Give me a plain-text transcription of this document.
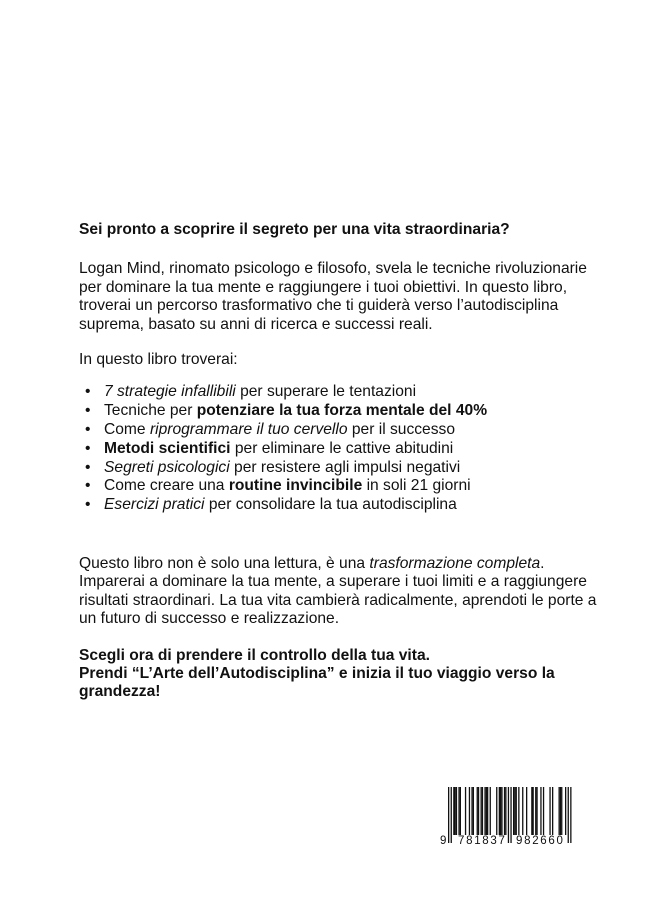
Sei pronto a scoprire il segreto per una vita straordinaria?

Logan Mind, rinomato psicologo e filosofo, svela le tecniche rivoluzionarie per dominare la tua mente e raggiungere i tuoi obiettivi. In questo libro, troverai un percorso trasformativo che ti guiderà verso l’autodisciplina suprema, basato su anni di ricerca e successi reali.

In questo libro troverai:

• 7 strategie infallibili per superare le tentazioni
• Tecniche per potenziare la tua forza mentale del 40%
• Come riprogrammare il tuo cervello per il successo
• Metodi scientifici per eliminare le cattive abitudini
• Segreti psicologici per resistere agli impulsi negativi
• Come creare una routine invincibile in soli 21 giorni
• Esercizi pratici per consolidare la tua autodisciplina

Questo libro non è solo una lettura, è una trasformazione completa. Imparerai a dominare la tua mente, a superare i tuoi limiti e a raggiungere risultati straordinari. La tua vita cambierà radicalmente, aprendoti le porte a un futuro di successo e realizzazione.

Scegli ora di prendere il controllo della tua vita.
Prendi “L’Arte dell’Autodisciplina” e inizia il tuo viaggio verso la grandezza!

9 781837 982660
